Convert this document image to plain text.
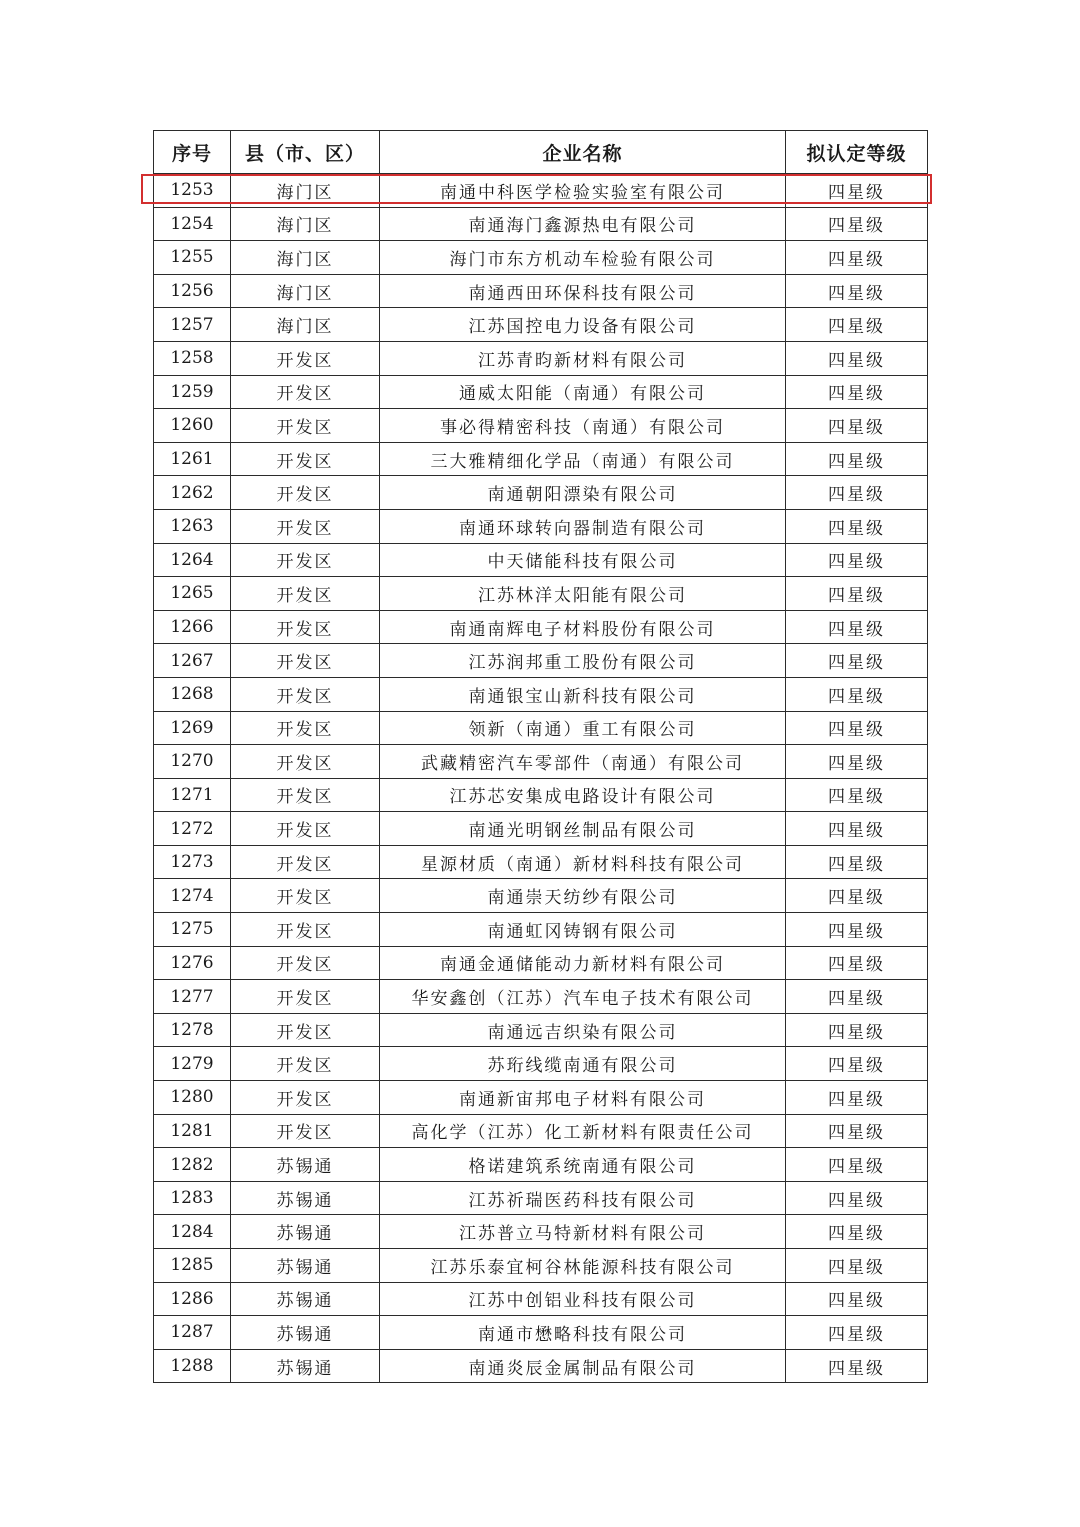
序号	县（市、区）	企业名称	拟认定等级
1253	海门区	南通中科医学检验实验室有限公司	四星级
1254	海门区	南通海门鑫源热电有限公司	四星级
1255	海门区	海门市东方机动车检验有限公司	四星级
1256	海门区	南通西田环保科技有限公司	四星级
1257	海门区	江苏国控电力设备有限公司	四星级
1258	开发区	江苏青昀新材料有限公司	四星级
1259	开发区	通威太阳能（南通）有限公司	四星级
1260	开发区	事必得精密科技（南通）有限公司	四星级
1261	开发区	三大雅精细化学品（南通）有限公司	四星级
1262	开发区	南通朝阳漂染有限公司	四星级
1263	开发区	南通环球转向器制造有限公司	四星级
1264	开发区	中天储能科技有限公司	四星级
1265	开发区	江苏林洋太阳能有限公司	四星级
1266	开发区	南通南辉电子材料股份有限公司	四星级
1267	开发区	江苏润邦重工股份有限公司	四星级
1268	开发区	南通银宝山新科技有限公司	四星级
1269	开发区	领新（南通）重工有限公司	四星级
1270	开发区	武藏精密汽车零部件（南通）有限公司	四星级
1271	开发区	江苏芯安集成电路设计有限公司	四星级
1272	开发区	南通光明钢丝制品有限公司	四星级
1273	开发区	星源材质（南通）新材料科技有限公司	四星级
1274	开发区	南通崇天纺纱有限公司	四星级
1275	开发区	南通虹冈铸钢有限公司	四星级
1276	开发区	南通金通储能动力新材料有限公司	四星级
1277	开发区	华安鑫创（江苏）汽车电子技术有限公司	四星级
1278	开发区	南通远吉织染有限公司	四星级
1279	开发区	苏珩线缆南通有限公司	四星级
1280	开发区	南通新宙邦电子材料有限公司	四星级
1281	开发区	高化学（江苏）化工新材料有限责任公司	四星级
1282	苏锡通	格诺建筑系统南通有限公司	四星级
1283	苏锡通	江苏祈瑞医药科技有限公司	四星级
1284	苏锡通	江苏普立马特新材料有限公司	四星级
1285	苏锡通	江苏乐泰宜柯谷林能源科技有限公司	四星级
1286	苏锡通	江苏中创铝业科技有限公司	四星级
1287	苏锡通	南通市懋略科技有限公司	四星级
1288	苏锡通	南通炎辰金属制品有限公司	四星级
